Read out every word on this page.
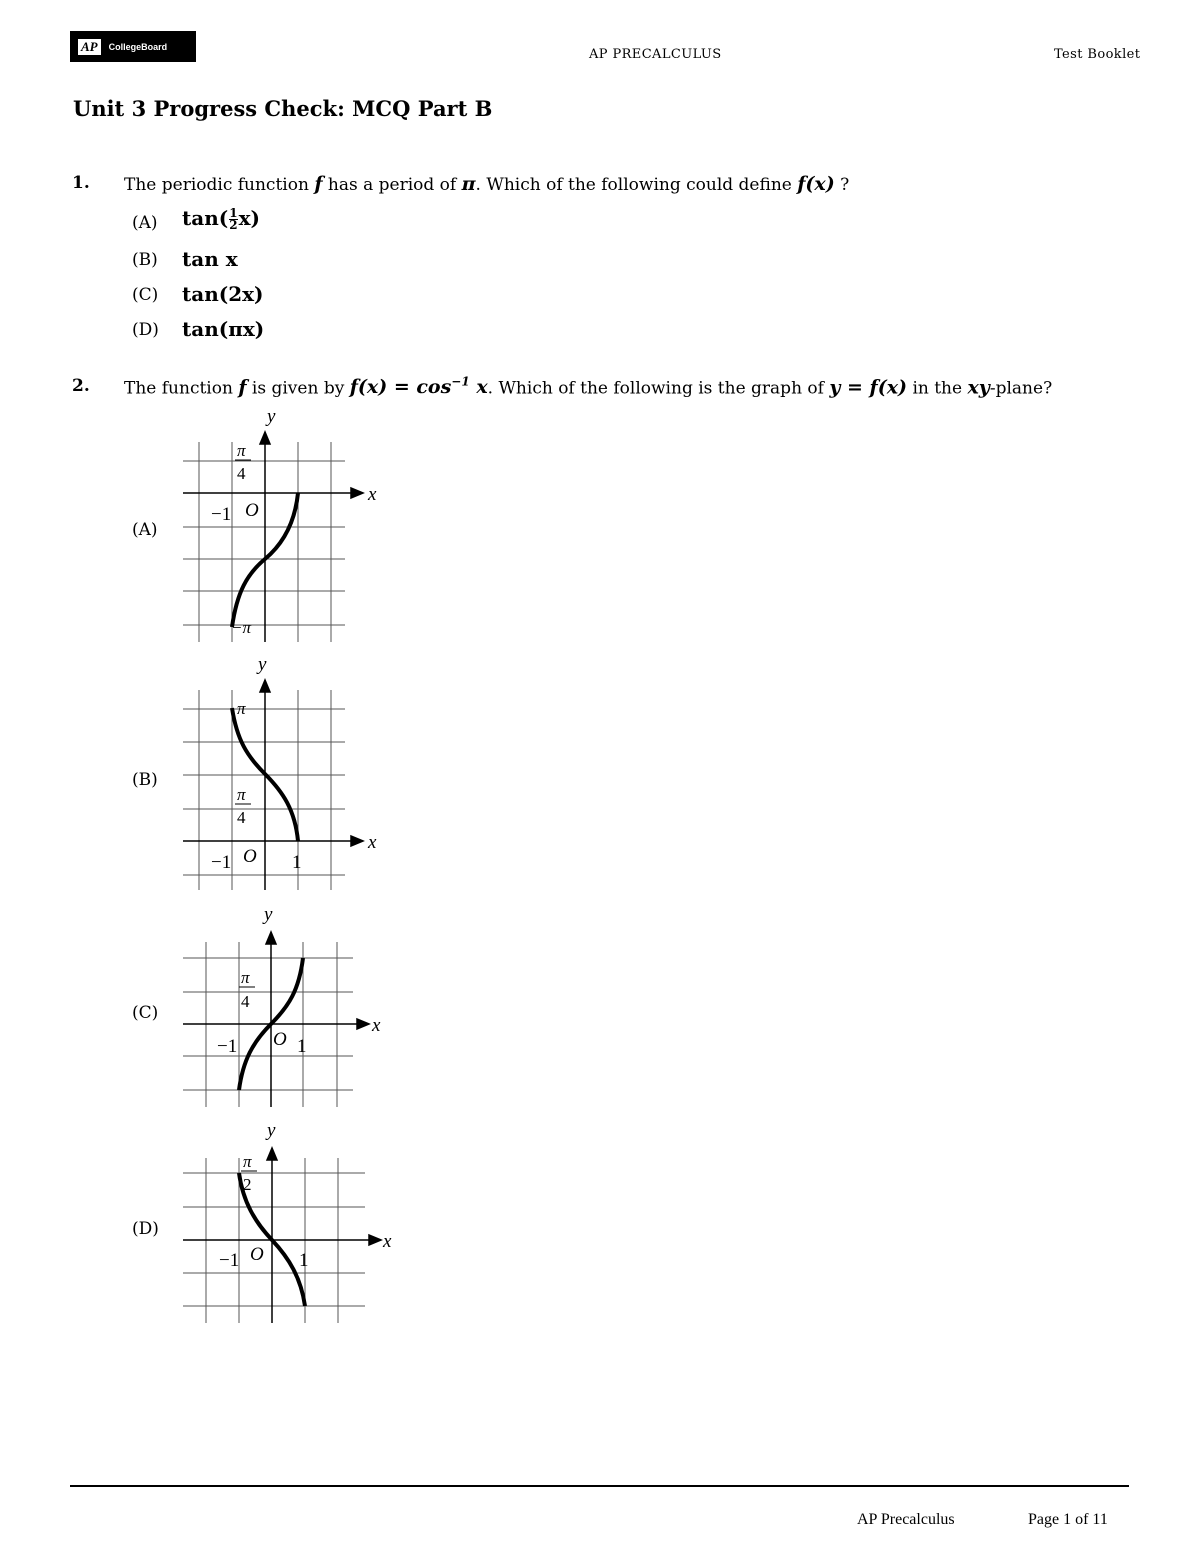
AP	CollegeBoard
AP PRECALCULUS	Test Booklet
Unit 3 Progress Check: MCQ Part B
1. The periodic function f has a period of π. Which of the following could define f(x) ?
(A) $\tan( \frac{1}{2} x)$
(B) tan x
(C) tan(2x)
(D) tan(πx)
2. The function f is given by $f(x) = \cos^{-1} x$. Which of the following is the graph of y = f(x) in the xy-plane?
(A)
y
x
−1 O
π
4
−π
(B)
y
x
−1 O 1
π
4
π
(C)
y
x
−1 O 1
π
4
(D)
y
x
−1 O 1
π
2
AP Precalculus	Page 1 of 11
